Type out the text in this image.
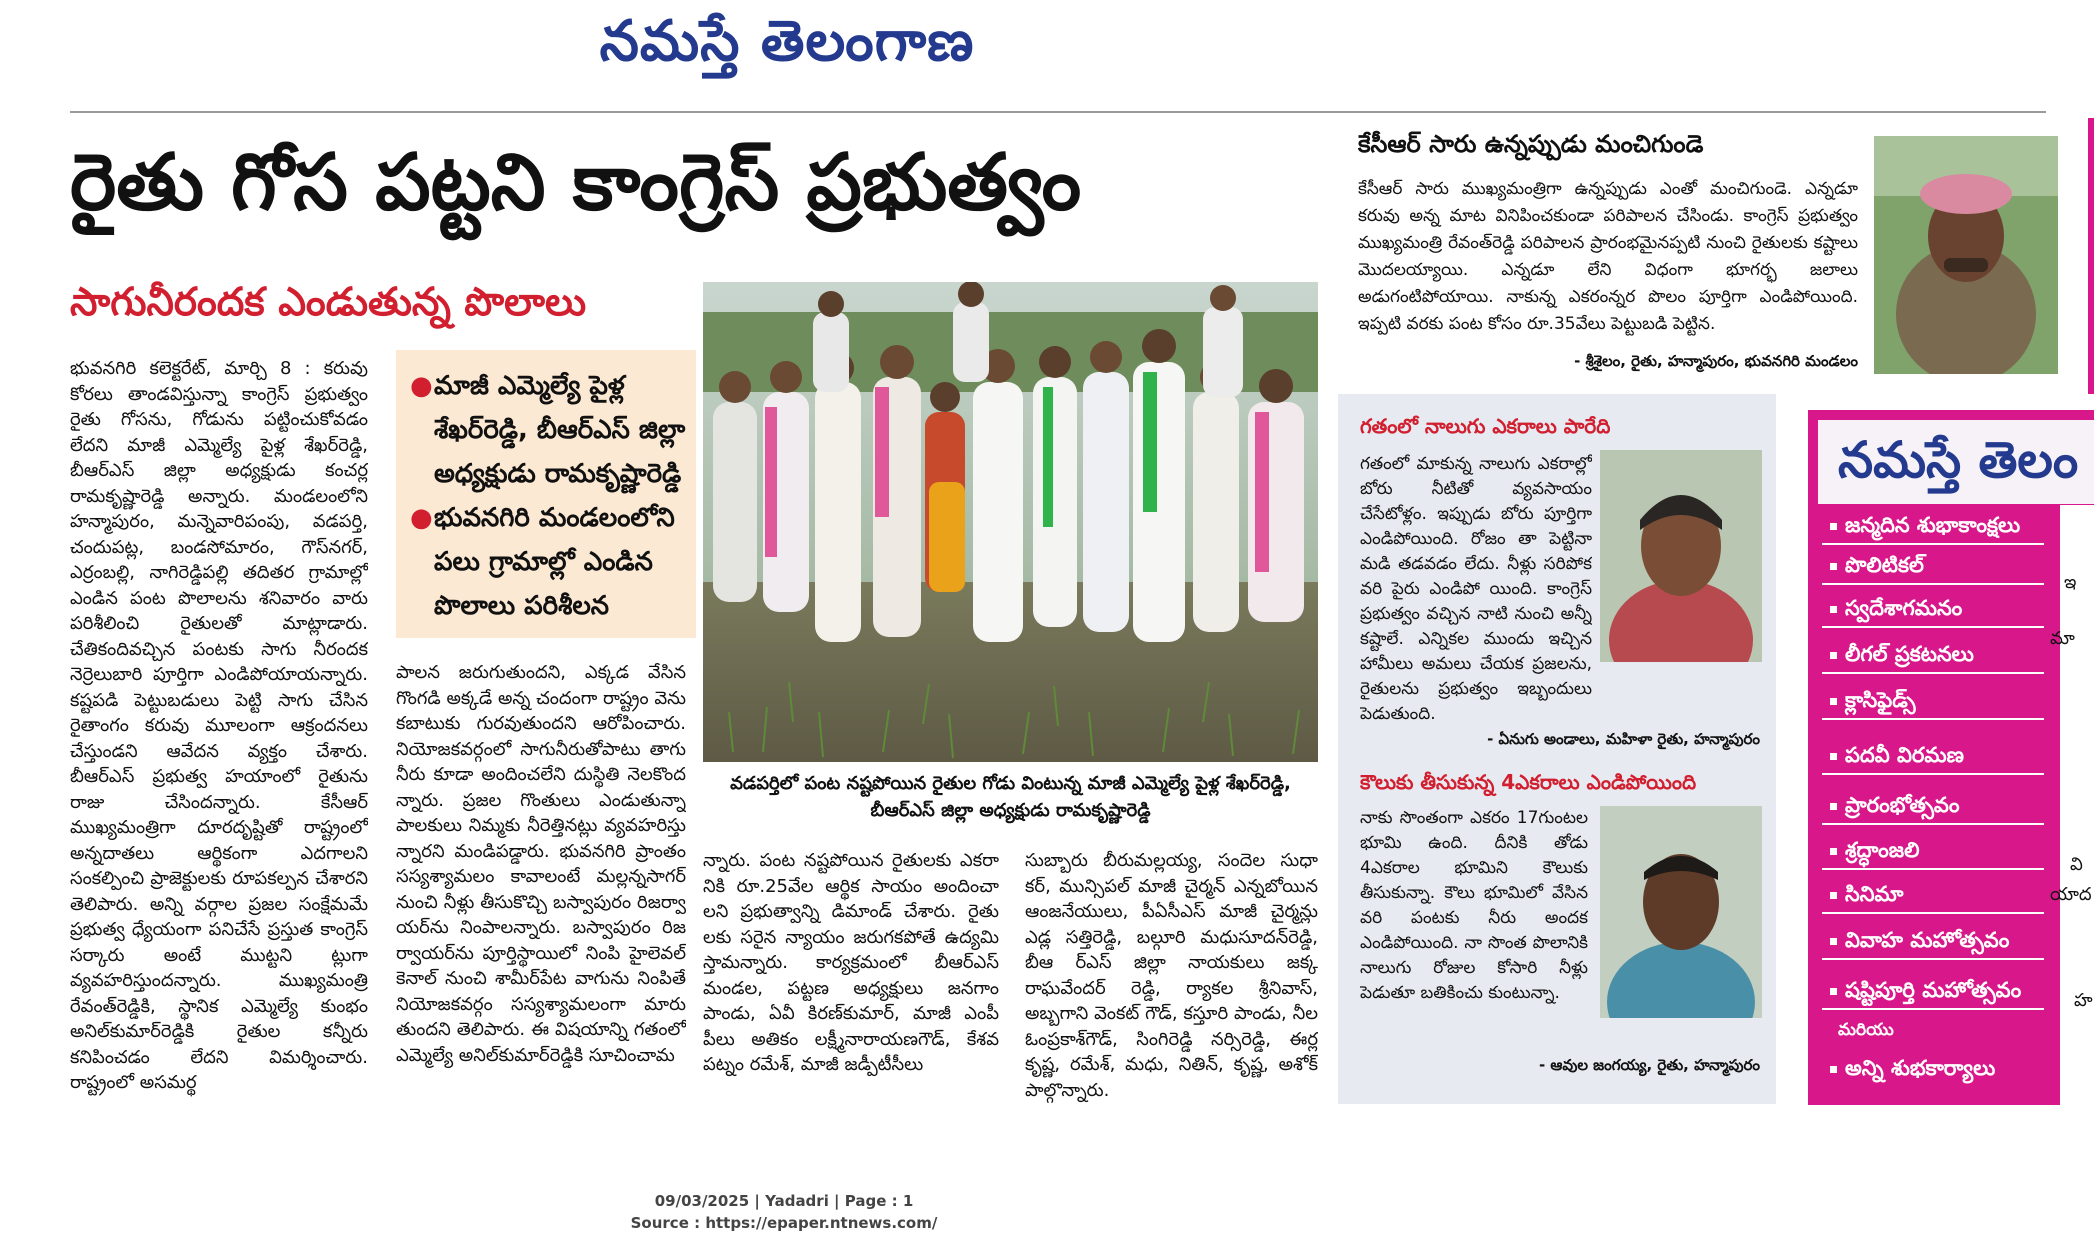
నమస్తే తెలంగాణ
రైతు గోస పట్టని కాంగ్రెస్ ప్రభుత్వం
సాగునీరందక ఎండుతున్న పొలాలు

భువనగిరి కలెక్టరేట్, మార్చి 8 : కరువు కోరలు తాండవిస్తున్నా కాంగ్రెస్ ప్రభుత్వం రైతు గోసను, గోడును పట్టించుకోవడం లేదని మాజీ ఎమ్మెల్యే పైళ్ల శేఖర్‌రెడ్డి, బీఆర్ఎస్ జిల్లా అధ్యక్షుడు కంచర్ల రామకృష్ణారెడ్డి అన్నారు. మండలంలోని హన్మాపురం, మన్నెవారిపంపు, వడపర్తి, చందుపట్ల, బండసోమారం, గౌస్‌నగర్, ఎర్రంబల్లి, నాగిరెడ్డిపల్లి తదితర గ్రామాల్లో ఎండిన పంట పొలాలను శనివారం వారు పరిశీలించి రైతులతో మాట్లాడారు. చేతికందివచ్చిన పంటకు సాగు నీరందక నెర్రెలుబారి పూర్తిగా ఎండిపోయాయన్నారు. కష్టపడి పెట్టుబడులు పెట్టి సాగు చేసిన రైతాంగం కరువు మూలంగా ఆక్రందనలు చేస్తుండని ఆవేదన వ్యక్తం చేశారు. బీఆర్ఎస్ ప్రభుత్వ హయాంలో రైతును రాజు చేసిందన్నారు. కేసీఆర్ ముఖ్యమంత్రిగా దూరదృష్టితో రాష్ట్రంలో అన్నదాతలు ఆర్థికంగా ఎదగాలని సంకల్పించి ప్రాజెక్టులకు రూపకల్పన చేశారని తెలిపారు. అన్ని వర్గాల ప్రజల సంక్షేమమే ప్రభుత్వ ధ్యేయంగా పనిచేసే ప్రస్తుత కాంగ్రెస్ సర్కారు అంటే ముట్టని ట్లుగా వ్యవహరిస్తుందన్నారు. ముఖ్యమంత్రి రేవంత్‌రెడ్డికి, స్థానిక ఎమ్మెల్యే కుంభం అనిల్‌కుమార్‌రెడ్డికి రైతుల కన్నీరు కనిపించడం లేదని విమర్శించారు. రాష్ట్రంలో అసమర్థ

● మాజీ ఎమ్మెల్యే పైళ్ల శేఖర్‌రెడ్డి, బీఆర్ఎస్ జిల్లా అధ్యక్షుడు రామకృష్ణారెడ్డి
● భువనగిరి మండలంలోని పలు గ్రామాల్లో ఎండిన పొలాలు పరిశీలన

పాలన జరుగుతుందని, ఎక్కడ వేసిన గొంగడి అక్కడే అన్న చందంగా రాష్ట్రం వెను కబాటుకు గురవుతుందని ఆరోపించారు. నియోజకవర్గంలో సాగునీరుతోపాటు తాగు నీరు కూడా అందించలేని దుస్థితి నెలకొంద న్నారు. ప్రజల గొంతులు ఎండుతున్నా పాలకులు నిమ్మకు నీరెత్తినట్లు వ్యవహరిస్తు న్నారని మండిపడ్డారు. భువనగిరి ప్రాంతం సస్యశ్యామలం కావాలంటే మల్లన్నసాగర్ నుంచి నీళ్లు తీసుకొచ్చి బస్వాపురం రిజర్వా యర్‌ను నింపాలన్నారు. బస్వాపురం రిజ ర్వాయర్‌ను పూర్తిస్థాయిలో నింపి హైలెవల్ కెనాల్ నుంచి శామీర్‌పేట వాగును నింపితే నియోజకవర్గం సస్యశ్యామలంగా మారు తుందని తెలిపారు. ఈ విషయాన్ని గతంలో ఎమ్మెల్యే అనిల్‌కుమార్‌రెడ్డికి సూచించామ

వడపర్తిలో పంట నష్టపోయిన రైతుల గోడు వింటున్న మాజీ ఎమ్మెల్యే పైళ్ల శేఖర్‌రెడ్డి,
బీఆర్ఎస్ జిల్లా అధ్యక్షుడు రామకృష్ణారెడ్డి

న్నారు. పంట నష్టపోయిన రైతులకు ఎకరా నికి రూ.25వేల ఆర్థిక సాయం అందించా లని ప్రభుత్వాన్ని డిమాండ్ చేశారు. రైతు లకు సరైన న్యాయం జరుగకపోతే ఉద్యమి స్తామన్నారు. కార్యక్రమంలో బీఆర్ఎస్ మండల, పట్టణ అధ్యక్షులు జనగాం పాండు, ఏవీ కిరణ్‌కుమార్, మాజీ ఎంపీ పీలు అతికం లక్ష్మీనారాయణగౌడ్, కేశవ పట్నం రమేశ్, మాజీ జడ్పీటీసీలు

సుబ్బారు బీరుమల్లయ్య, సందెల సుధా కర్, మున్సిపల్ మాజీ చైర్మన్ ఎన్నబోయిన ఆంజనేయులు, పీఏసీఎస్ మాజీ చైర్మన్లు ఎడ్ల సత్తిరెడ్డి, బల్గూరి మధుసూదన్‌రెడ్డి, బీఆ ర్ఎస్ జిల్లా నాయకులు జక్క రాఘవేందర్ రెడ్డి, ర్యాకల శ్రీనివాస్, అబ్బగాని వెంకట్ గౌడ్, కస్తూరి పాండు, నీల ఓంప్రకాశ్‌గౌడ్, సింగిరెడ్డి నర్సిరెడ్డి, ఈర్ల కృష్ణ, రమేశ్, మధు, నితిన్, కృష్ణ, అశోక్ పాల్గొన్నారు.

కేసీఆర్ సారు ఉన్నప్పుడు మంచిగుండె
కేసీఆర్ సారు ముఖ్యమంత్రిగా ఉన్నప్పుడు ఎంతో మంచిగుండె. ఎన్నడూ కరువు అన్న మాట వినిపించకుండా పరిపాలన చేసిండు. కాంగ్రెస్ ప్రభుత్వం ముఖ్యమంత్రి రేవంత్‌రెడ్డి పరిపాలన ప్రారంభమైనప్పటి నుంచి రైతులకు కష్టాలు మొదలయ్యాయి. ఎన్నడూ లేని విధంగా భూగర్భ జలాలు అడుగంటిపోయాయి. నాకున్న ఎకరంన్నర పొలం పూర్తిగా ఎండిపోయింది. ఇప్పటి వరకు పంట కోసం రూ.35వేలు పెట్టుబడి పెట్టిన.
- శ్రీశైలం, రైతు, హన్మాపురం, భువనగిరి మండలం
గతంలో నాలుగు ఎకరాలు పారేది
గతంలో మాకున్న నాలుగు ఎకరాల్లో బోరు నీటితో వ్యవసాయం చేసేటోళ్లం. ఇప్పుడు బోరు పూర్తిగా ఎండిపోయింది. రోజం తా పెట్టినా మడి తడవడం లేదు. నీళ్లు సరిపోక వరి పైరు ఎండిపో యింది. కాంగ్రెస్ ప్రభుత్వం వచ్చిన నాటి నుంచి అన్నీ కష్టాలే. ఎన్నికల ముందు ఇచ్చిన హామీలు అమలు చేయక ప్రజలను, రైతులను ప్రభుత్వం ఇబ్బందులు పెడుతుంది.
- ఏనుగు అండాలు, మహిళా రైతు, హన్మాపురం
కౌలుకు తీసుకున్న 4ఎకరాలు ఎండిపోయింది
నాకు సొంతంగా ఎకరం 17గుంటల భూమి ఉంది. దీనికి తోడు 4ఎకరాల భూమిని కౌలుకు తీసుకున్నా. కౌలు భూమిలో వేసిన వరి పంటకు నీరు అందక ఎండిపోయింది. నా సొంత పొలానికి నాలుగు రోజుల కోసారి నీళ్లు పెడుతూ బతికించు కుంటున్నా.
- ఆవుల జంగయ్య, రైతు, హన్మాపురం
నమస్తే తెలం
ఇ
మా
వి
యాద
హ
జన్మదిన శుభాకాంక్షలు
పొలిటికల్
స్వదేశాగమనం
లీగల్ ప్రకటనలు
క్లాసిఫైడ్స్
పదవీ విరమణ
ప్రారంభోత్సవం
శ్రద్ధాంజలి
సినిమా
వివాహ మహోత్సవం
షష్టిపూర్తి మహోత్సవం
మరియు
అన్ని శుభకార్యాలు
09/03/2025 | Yadadri | Page : 1
Source : https://epaper.ntnews.com/
